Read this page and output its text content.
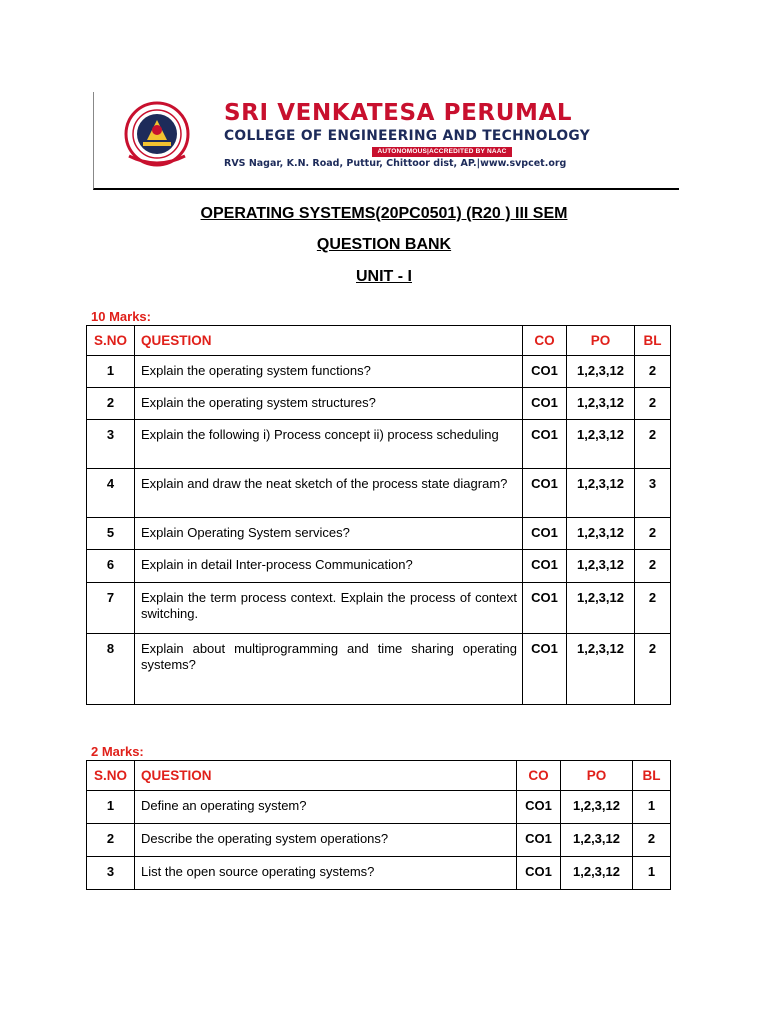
SRI VENKATESA PERUMAL
COLLEGE OF ENGINEERING AND TECHNOLOGY
AUTONOMOUS|ACCREDITED BY NAAC
RVS Nagar, K.N. Road, Puttur, Chittoor dist, AP.|www.svpcet.org
OPERATING SYSTEMS(20PC0501) (R20 ) III SEM
QUESTION BANK
UNIT - I
10 Marks:
S.NO	QUESTION	CO	PO	BL
1	Explain the operating system functions?	CO1	1,2,3,12	2
2	Explain the operating system structures?	CO1	1,2,3,12	2
3	Explain the following i) Process concept ii) process scheduling	CO1	1,2,3,12	2
4	Explain and draw the neat sketch of the process state diagram?	CO1	1,2,3,12	3
5	Explain Operating System services?	CO1	1,2,3,12	2
6	Explain in detail Inter-process Communication?	CO1	1,2,3,12	2
7	Explain the term process context. Explain the process of context switching.	CO1	1,2,3,12	2
8	Explain about multiprogramming and time sharing operating systems?	CO1	1,2,3,12	2
2 Marks:
S.NO	QUESTION	CO	PO	BL
1	Define an operating system?	CO1	1,2,3,12	1
2	Describe the operating system operations?	CO1	1,2,3,12	2
3	List the open source operating systems?	CO1	1,2,3,12	1
